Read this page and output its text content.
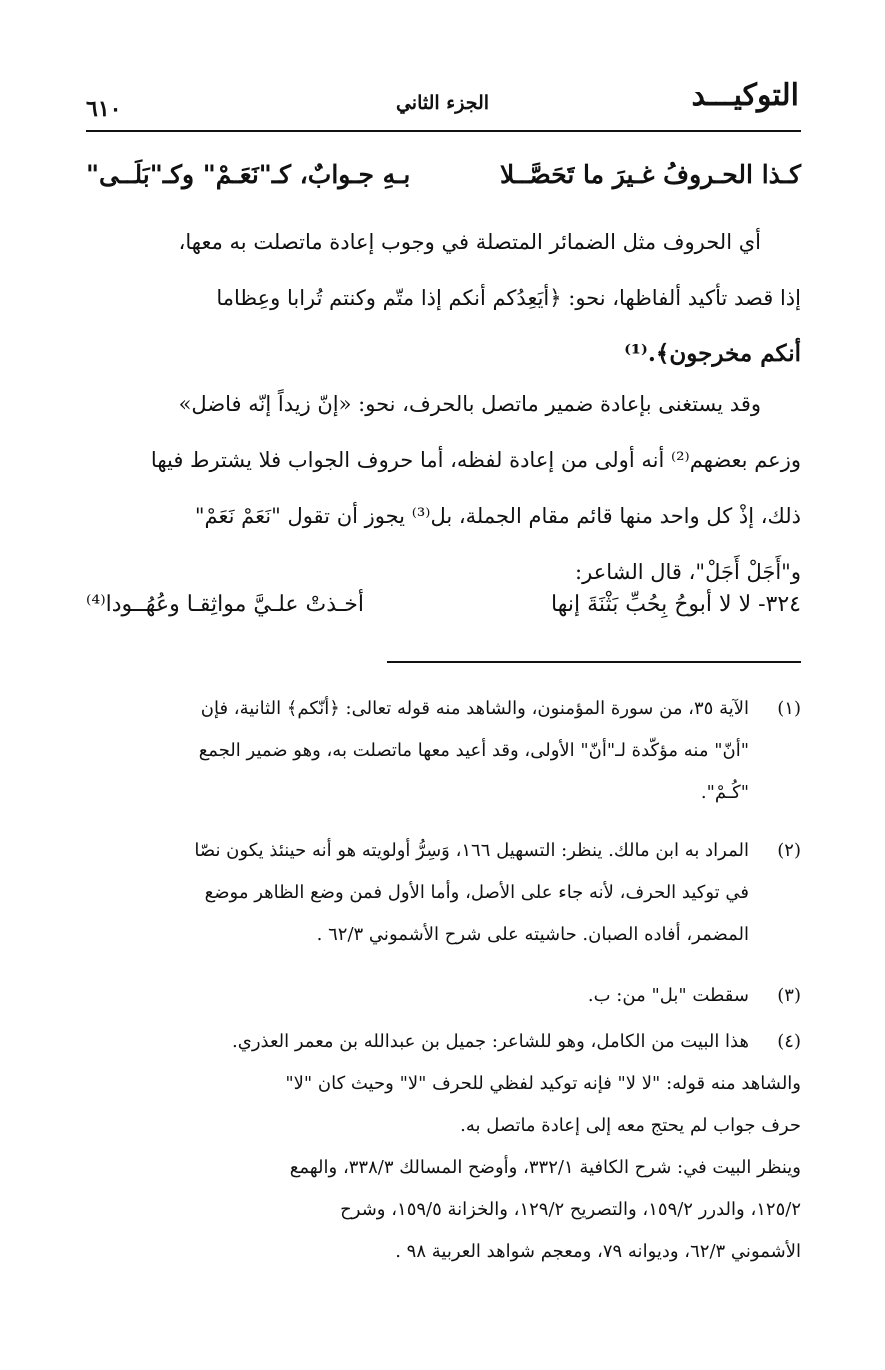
التوكيـــد
الجزء الثاني
٦١٠
كـذا الحـروفُ غـيرَ ما تَحَصَّــلا
بـهِ جـوابٌ، كـ"نَعَـمْ" وكـ"بَلَــى"
أي الحروف مثل الضمائر المتصلة في وجوب إعادة ماتصلت به معها،
إذا قصد تأكيد ألفاظها، نحو: ﴿أيَعِدُكم أنكم إذا متّم وكنتم تُرابا وعِظاما
أنكم مخرجون﴾.⁽¹⁾
وقد يستغنى بإعادة ضمير ماتصل بالحرف، نحو: «إنّ زيداً إنّه فاضل»
وزعم بعضهم⁽²⁾ أنه أولى من إعادة لفظه، أما حروف الجواب فلا يشترط فيها
ذلك، إذْ كل واحد منها قائم مقام الجملة، بل⁽³⁾ يجوز أن تقول "نَعَمْ نَعَمْ"
و"أَجَلْ أَجَلْ"، قال الشاعر:
٣٢٤- لا لا أبوحُ بِحُبِّ بَثْنَةَ إنها
أخـذتْ علـيَّ مواثِقـا وعُهُــودا⁽⁴⁾
(١)
الآية ٣٥، من سورة المؤمنون، والشاهد منه قوله تعالى: ﴿أنّكم﴾ الثانية، فإن
"أنّ" منه مؤكّدة لـ"أنّ" الأولى، وقد أعيد معها ماتصلت به، وهو ضمير الجمع
"كُـمْ".
(٢)
المراد به ابن مالك. ينظر: التسهيل ١٦٦، وَسِرُّ أولويته هو أنه حينئذ يكون نصّا
في توكيد الحرف، لأنه جاء على الأصل، وأما الأول فمن وضع الظاهر موضع
المضمر، أفاده الصبان. حاشيته على شرح الأشموني ٦٢/٣ .
(٣)
سقطت "بل" من: ب.
(٤)
هذا البيت من الكامل، وهو للشاعر: جميل بن عبدالله بن معمر العذري.
والشاهد منه قوله: "لا لا" فإنه توكيد لفظي للحرف "لا" وحيث كان "لا"
حرف جواب لم يحتج معه إلى إعادة ماتصل به.
وينظر البيت في: شرح الكافية ٣٣٢/١، وأوضح المسالك ٣٣٨/٣، والهمع
١٢٥/٢، والدرر ١٥٩/٢، والتصريح ١٢٩/٢، والخزانة ١٥٩/٥، وشرح
الأشموني ٦٢/٣، وديوانه ٧٩، ومعجم شواهد العربية ٩٨ .
